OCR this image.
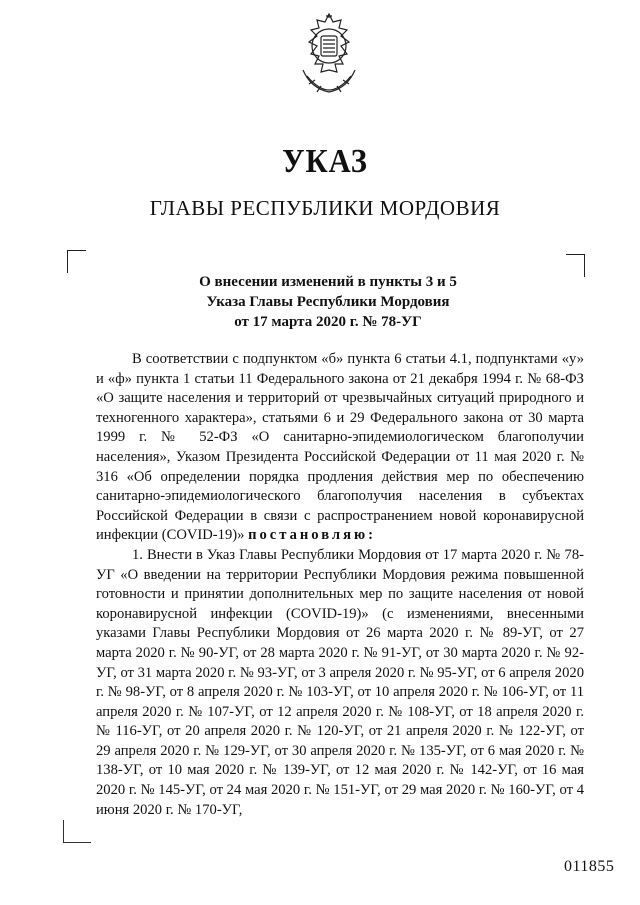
УКАЗ
ГЛАВЫ РЕСПУБЛИКИ МОРДОВИЯ
О внесении изменений в пункты 3 и 5
Указа Главы Республики Мордовия
от 17 марта 2020 г. № 78-УГ

В соответствии с подпунктом «б» пункта 6 статьи 4.1, подпунктами «у» и «ф» пункта 1 статьи 11 Федерального закона от 21 декабря 1994 г. № 68-ФЗ «О защите населения и территорий от чрезвычайных ситуаций природного и техногенного характера», статьями 6 и 29 Федерального закона от 30 марта 1999 г. № 52-ФЗ «О санитарно-эпидемиологическом благополучии населения», Указом Президента Российской Федерации от 11 мая 2020 г. № 316 «Об определении порядка продления действия мер по обеспечению санитарно-эпидемиологического благополучия населения в субъектах Российской Федерации в связи с распространением новой коронавирусной инфекции (COVID-19)» постановляю:

1. Внести в Указ Главы Республики Мордовия от 17 марта 2020 г. № 78-УГ «О введении на территории Республики Мордовия режима повышенной готовности и принятии дополнительных мер по защите населения от новой коронавирусной инфекции (COVID-19)» (с изменениями, внесенными указами Главы Республики Мордовия от 26 марта 2020 г. № 89-УГ, от 27 марта 2020 г. № 90-УГ, от 28 марта 2020 г. № 91-УГ, от 30 марта 2020 г. № 92-УГ, от 31 марта 2020 г. № 93-УГ, от 3 апреля 2020 г. № 95-УГ, от 6 апреля 2020 г. № 98-УГ, от 8 апреля 2020 г. № 103-УГ, от 10 апреля 2020 г. № 106-УГ, от 11 апреля 2020 г. № 107-УГ, от 12 апреля 2020 г. № 108-УГ, от 18 апреля 2020 г. № 116-УГ, от 20 апреля 2020 г. № 120-УГ, от 21 апреля 2020 г. № 122-УГ, от 29 апреля 2020 г. № 129-УГ, от 30 апреля 2020 г. № 135-УГ, от 6 мая 2020 г. № 138-УГ, от 10 мая 2020 г. № 139-УГ, от 12 мая 2020 г. № 142-УГ, от 16 мая 2020 г. № 145-УГ, от 24 мая 2020 г. № 151-УГ, от 29 мая 2020 г. № 160-УГ, от 4 июня 2020 г. № 170-УГ,

011855
